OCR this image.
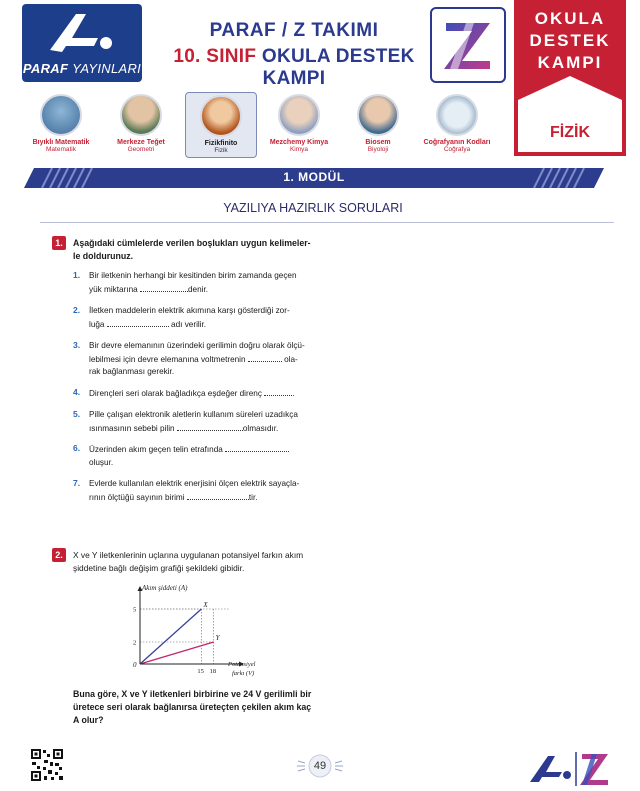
PARAF YAYINLARI
PARAF / Z TAKIMI
10. SINIF OKULA DESTEK KAMPI
OKULA
DESTEK
KAMPI
FİZİK
Bıyıklı Matematik
Matematik
Merkeze Teğet
Geometri
Fizikfinito
Fizik
Mezchemy Kimya
Kimya
Biosem
Biyoloji
Coğrafyanın Kodları
Coğrafya
1. MODÜL
YAZILIYA HAZIRLIK SORULARI
1.	Aşağıdaki cümlelerde verilen boşlukları uygun kelimeler-
le doldurunuz.
1. Bir iletkenin herhangi bir kesitinden birim zamanda geçen
yük miktarına	denir.
2. İletken maddelerin elektrik akımına karşı gösterdiği zor-
luğa	adı verilir.
3. Bir devre elemanının üzerindeki gerilimin doğru olarak ölçü-
lebilmesi için devre elemanına voltmetrenin	ola-
rak bağlanması gerekir.
4. Dirençleri seri olarak bağladıkça eşdeğer direnç	.
5. Pille çalışan elektronik aletlerin kullanım süreleri uzadıkça
ısınmasının sebebi pilin	olmasıdır.
6. Üzerinden akım geçen telin etrafında
oluşur.
7. Evlerde kullanılan elektrik enerjisini ölçen elektrik sayaçla-
rının ölçtüğü sayının birimi	tir.
2.	X ve Y iletkenlerinin uçlarına uygulanan potansiyel farkın akım
şiddetine bağlı değişim grafiği şekildeki gibidir.
Akım şiddeti (A)
X
Y
0
15
5
18
2
Potansiyel
farkı (V)
Buna göre, X ve Y iletkenleri birbirine ve 24 V gerilimli bir
üretece seri olarak bağlanırsa üreteçten çekilen akım kaç
A olur?
49
